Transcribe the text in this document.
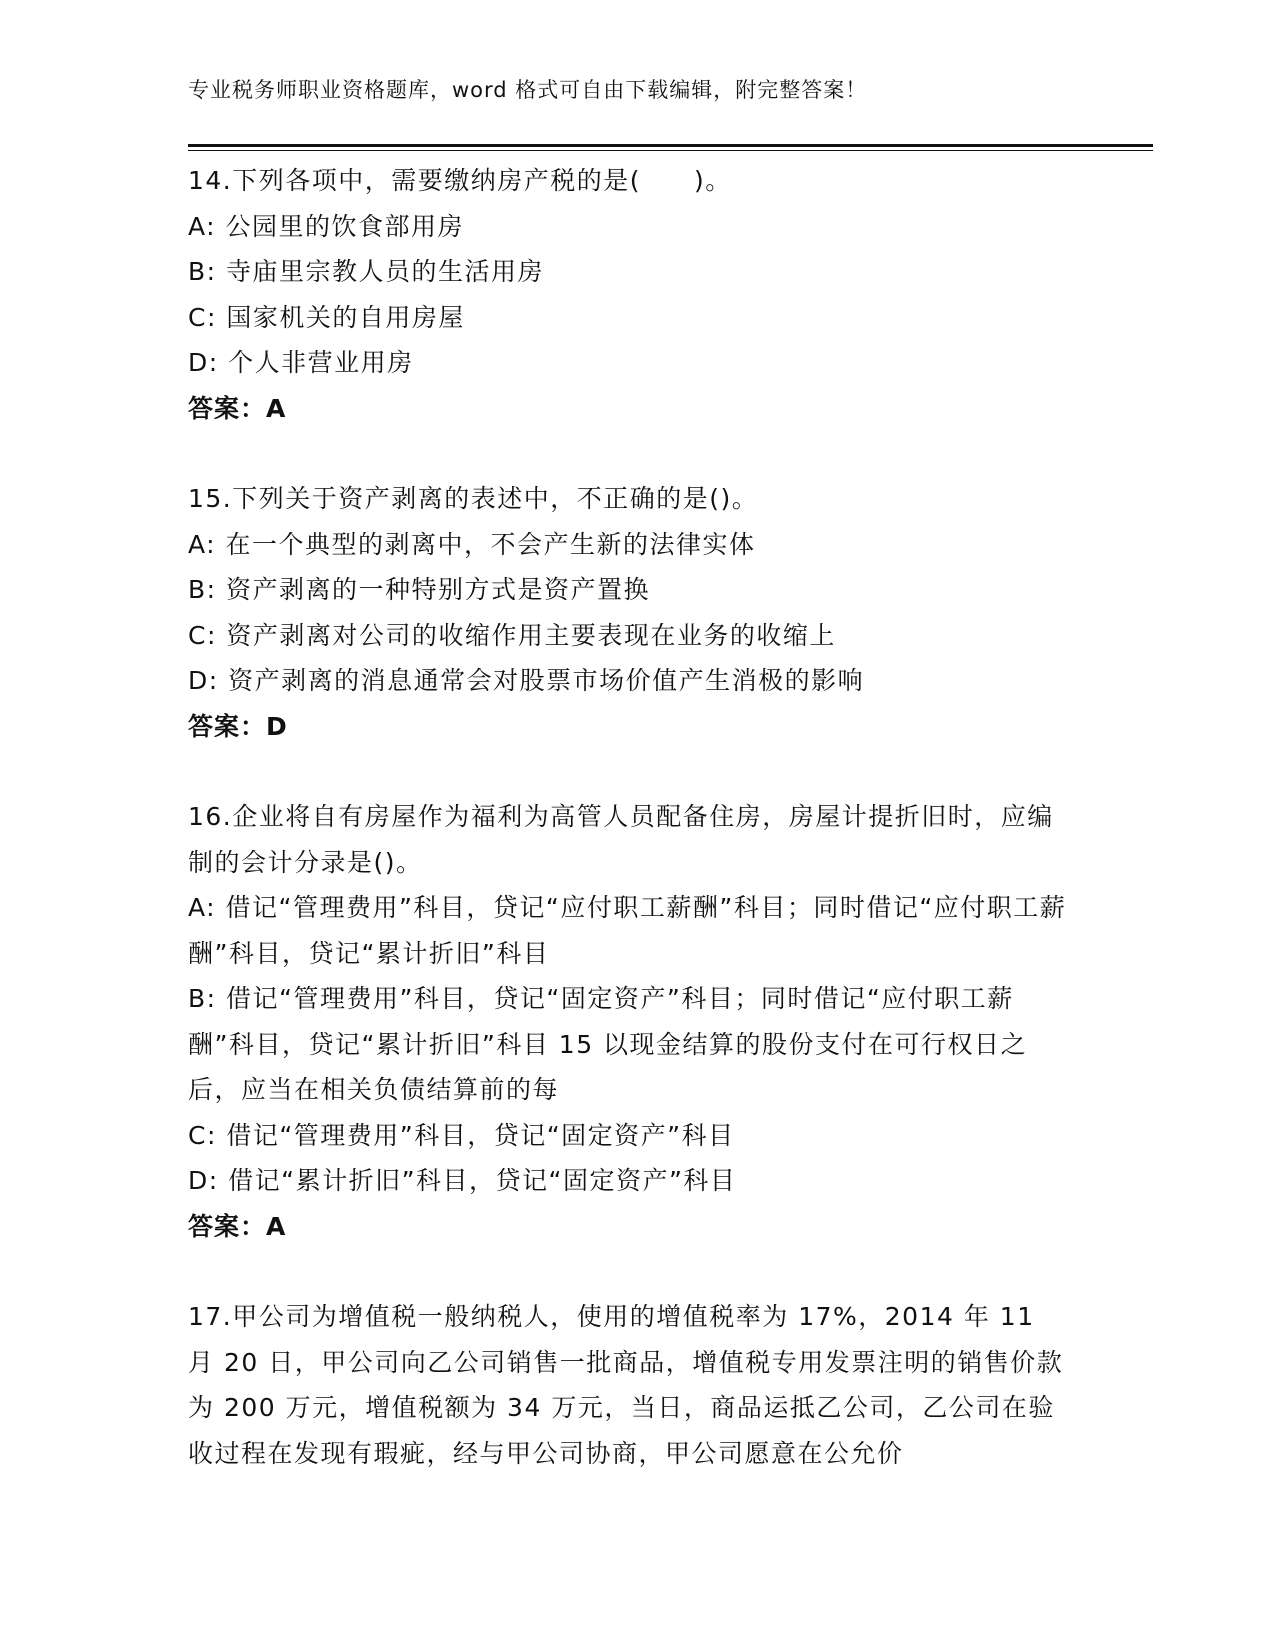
专业税务师职业资格题库，word 格式可自由下载编辑，附完整答案！

14.下列各项中，需要缴纳房产税的是(　　)。

A: 公园里的饮食部用房

B: 寺庙里宗教人员的生活用房

C: 国家机关的自用房屋

D: 个人非营业用房

答案：A

15.下列关于资产剥离的表述中，不正确的是()。

A: 在一个典型的剥离中，不会产生新的法律实体

B: 资产剥离的一种特别方式是资产置换

C: 资产剥离对公司的收缩作用主要表现在业务的收缩上

D: 资产剥离的消息通常会对股票市场价值产生消极的影响

答案：D

16.企业将自有房屋作为福利为高管人员配备住房，房屋计提折旧时，应编制的会计分录是()。

A: 借记“管理费用”科目，贷记“应付职工薪酬”科目；同时借记“应付职工薪酬”科目，贷记“累计折旧”科目

B: 借记“管理费用”科目，贷记“固定资产”科目；同时借记“应付职工薪酬”科目，贷记“累计折旧”科目 15 以现金结算的股份支付在可行权日之后，应当在相关负债结算前的每

C: 借记“管理费用”科目，贷记“固定资产”科目

D: 借记“累计折旧”科目，贷记“固定资产”科目

答案：A

17.甲公司为增值税一般纳税人，使用的增值税率为 17%，2014 年 11 月 20 日，甲公司向乙公司销售一批商品，增值税专用发票注明的销售价款为 200 万元，增值税额为 34 万元，当日，商品运抵乙公司，乙公司在验收过程在发现有瑕疵，经与甲公司协商，甲公司愿意在公允价
